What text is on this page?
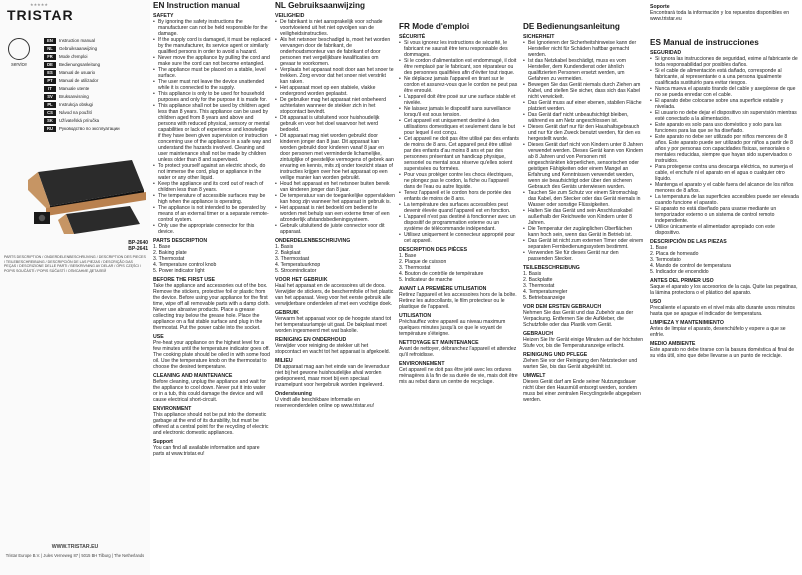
★★★★★
TRISTAR
service
EN	Instruction manual
NL	Gebruiksaanwijzing
FR	Mode d'emploi
DE	Bedienungsanleitung
ES	Manual de usuario
PT	Manual de utilizador
IT	Manuale utente
SV	Bruksanvisning
PL	Instrukcja obsługi
CS	Návod na použití
SK	Užívateľská príručka
RU	Руководство по эксплуатации
BP-2640
BP-2641
PARTS DESCRIPTION / ONDERDELENBESCHRIJVING / DESCRIPTION DES PIECES / TEILEBESCHREIBUNG / DESCRIPCIÓN DE LAS PIEZAS / DESCRIÇÃO DAS PEÇAS / DESCRIZIONE DELLE PARTI / BESKRIVNING AV DELAR / OPIS CZĘŚCI / POPIS SOUČÁSTÍ / POPIS SÚČASTÍ / ОПИСАНИЕ ДЕТАЛЕЙ
WWW.TRISTAR.EU
Tristar Europe B.V. | Jules Verneweg 87 | 5015 BH Tilburg | The Netherlands
EN Instruction manual
SAFETY
• By ignoring the safety instructions the manufacturer can not be held responsible for the damage.
• If the supply cord is damaged, it must be replaced by the manufacturer, its service agent or similarly qualified persons in order to avoid a hazard.
• Never move the appliance by pulling the cord and make sure the cord can not become entangled.
• The appliance must be placed on a stable, level surface.
• The user must not leave the device unattended while it is connected to the supply.
• This appliance is only to be used for household purposes and only for the purpose it is made for.
• This appliance shall not be used by children aged less than 8 years. This appliance can be used by children aged from 8 years and above and persons with reduced physical, sensory or mental capabilities or lack of experience and knowledge if they have been given supervision or instruction concerning use of the appliance in a safe way and understand the hazards involved. Cleaning and user maintenance shall not be made by children unless older than 8 and supervised.
• To protect yourself against an electric shock, do not immerse the cord, plug or appliance in the water or any other liquid.
• Keep the appliance and its cord out of reach of children less than 8 years.
• The temperature of accessible surfaces may be high when the appliance is operating.
• The appliance is not intended to be operated by means of an external timer or a separate remote-control system.
• Only use the appropriate connector for this device.
PARTS DESCRIPTION
1. Base
2. Baking plate
3. Thermostat
4. Temperature control knob
5. Power indicator light
BEFORE THE FIRST USE
Take the appliance and accessories out of the box. Remove the stickers, protective foil or plastic from the device. Before using your appliance for the first time, wipe off all removable parts with a damp cloth. Never use abrasive products. Place a grease collecting tray below the grease hole. Place the appliance on a flat stable surface and plug in the thermostat. Put the power cable into the socket.
USE
Pre-heat your appliance on the highest level for a few minutes until the temperature indicator goes off. The cooking plate should be oiled in with some food oil. Use the temperature knob on the thermostat to choose the desired temperature.
CLEANING AND MAINTENANCE
Before cleaning, unplug the appliance and wait for the appliance to cool down. Never put it into water or in a tub, this could damage the device and will cause electrical short-circuit.
ENVIRONMENT
This appliance should not be put into the domestic garbage at the end of its durability, but must be offered at a central point for the recycling of electric and electronic domestic appliances.
Support
You can find all available information and spare parts at www.tristar.eu!
NL Gebruiksaanwijzing
VEILIGHEID
• De fabrikant is niet aansprakelijk voor schade voortvloeiend uit het niet opvolgen van de veiligheidsinstructies.
• Als het netsnoer beschadigd is, moet het worden vervangen door de fabrikant, de onderhoudsmonteur van de fabrikant of door personen met vergelijkbare kwalificaties om gevaar te voorkomen.
• Verplaats het apparaat nooit door aan het snoer te trekken. Zorg ervoor dat het snoer niet verstrikt kan raken.
• Het apparaat moet op een stabiele, vlakke ondergrond worden geplaatst.
• De gebruiker mag het apparaat niet onbeheerd achterlaten wanneer de stekker zich in het stopcontact bevindt.
• Dit apparaat is uitsluitend voor huishoudelijk gebruik en voor het doel waarvoor het werd bedoeld.
• Dit apparaat mag niet worden gebruikt door kinderen jonger dan 8 jaar. Dit apparaat kan worden gebruikt door kinderen vanaf 8 jaar en door personen met verminderde lichamelijke, zintuiglijke of geestelijke vermogens of gebrek aan ervaring en kennis, mits zij onder toezicht staan of instructies krijgen over hoe het apparaat op een veilige manier kan worden gebruikt.
• Houd het apparaat en het netsnoer buiten bereik van kinderen jonger dan 8 jaar.
• De temperatuur van de toegankelijke oppervlakken kan hoog zijn wanneer het apparaat in gebruik is.
• Het apparaat is niet bedoeld om bediend te worden met behulp van een externe timer of een afzonderlijk afstandsbedieningsysteem.
• Gebruik uitsluitend de juiste connector voor dit apparaat.
ONDERDELENBESCHRIJVING
1. Basis
2. Bakplaat
3. Thermostaat
4. Temperatuurknop
5. Stroomindicator
VOOR HET GEBRUIK
Haal het apparaat en de accessoires uit de doos. Verwijder de stickers, de beschermfolie of het plastic van het apparaat. Veeg voor het eerste gebruik alle verwijderbare onderdelen af met een vochtige doek.
GEBRUIK
Verwarm het apparaat voor op de hoogste stand tot het temperatuurlampje uit gaat. De bakplaat moet worden ingesmeerd met wat bakolie.
REINIGING EN ONDERHOUD
Verwijder voor reiniging de stekker uit het stopcontact en wacht tot het apparaat is afgekoeld.
MILIEU
Dit apparaat mag aan het einde van de levensduur niet bij het gewone huishoudelijke afval worden gedeponeerd, maar moet bij een speciaal inzamelpunt voor hergebruik worden ingeleverd.
Ondersteuning
U vindt alle beschikbare informatie en reserveonderdelen online op www.tristar.eu!
FR Mode d'emploi
SÉCURITÉ
• Si vous ignorez les instructions de sécurité, le fabricant ne saurait être tenu responsable des dommages.
• Si le cordon d'alimentation est endommagé, il doit être remplacé par le fabricant, son réparateur ou des personnes qualifiées afin d'éviter tout risque.
• Ne déplacez jamais l'appareil en tirant sur le cordon et assurez-vous que le cordon ne peut pas être enroulé.
• L'appareil doit être posé sur une surface stable et nivelée.
• Ne laissez jamais le dispositif sans surveillance lorsqu'il est sous tension.
• Cet appareil est uniquement destiné à des utilisations domestiques et seulement dans le but pour lequel il est conçu.
• Cet appareil ne doit pas être utilisé par des enfants de moins de 8 ans. Cet appareil peut être utilisé par des enfants d'au moins 8 ans et par des personnes présentant un handicap physique, sensoriel ou mental sous réserve qu'elles soient supervisées ou formées.
• Pour vous protéger contre les chocs électriques, ne plongez pas le cordon, la fiche ou l'appareil dans de l'eau ou autre liquide.
• Tenez l'appareil et le cordon hors de portée des enfants de moins de 8 ans.
• La température des surfaces accessibles peut devenir élevée quand l'appareil est en fonction.
• L'appareil n'est pas destiné à fonctionner avec un dispositif de programmation externe ou un système de télécommande indépendant.
• Utilisez uniquement le connecteur approprié pour cet appareil.
DESCRIPTION DES PIÈCES
1. Base
2. Plaque de cuisson
3. Thermostat
4. Bouton de contrôle de température
5. Indicateur de marche
AVANT LA PREMIÈRE UTILISATION
Retirez l'appareil et les accessoires hors de la boîte. Retirez les autocollants, le film protecteur ou le plastique de l'appareil.
UTILISATION
Préchauffez votre appareil au niveau maximum quelques minutes jusqu'à ce que le voyant de température s'éteigne.
NETTOYAGE ET MAINTENANCE
Avant de nettoyer, débranchez l'appareil et attendez qu'il refroidisse.
ENVIRONNEMENT
Cet appareil ne doit pas être jeté avec les ordures ménagères à la fin de sa durée de vie, mais doit être mis au rebut dans un centre de recyclage.
DE Bedienungsanleitung
SICHERHEIT
• Bei Ignorieren der Sicherheitshinweise kann der Hersteller nicht für Schäden haftbar gemacht werden.
• Ist das Netzkabel beschädigt, muss es vom Hersteller, dem Kundendienst oder ähnlich qualifizierten Personen ersetzt werden, um Gefahren zu vermeiden.
• Bewegen Sie das Gerät niemals durch Ziehen am Kabel, und stellen Sie sicher, dass sich das Kabel nicht verwickelt.
• Das Gerät muss auf einer ebenen, stabilen Fläche platziert werden.
• Das Gerät darf nicht unbeaufsichtigt bleiben, während es am Netz angeschlossen ist.
• Dieses Gerät darf nur für den Haushaltsgebrauch und nur für den Zweck benutzt werden, für den es hergestellt wurde.
• Dieses Gerät darf nicht von Kindern unter 8 Jahren verwendet werden. Dieses Gerät kann von Kindern ab 8 Jahren und von Personen mit eingeschränkten körperlichen, sensorischen oder geistigen Fähigkeiten oder einem Mangel an Erfahrung und Kenntnissen verwendet werden, wenn sie beaufsichtigt oder über den sicheren Gebrauch des Geräts unterwiesen wurden.
• Tauchen Sie zum Schutz vor einem Stromschlag das Kabel, den Stecker oder das Gerät niemals in Wasser oder sonstige Flüssigkeiten.
• Halten Sie das Gerät und sein Anschlusskabel außerhalb der Reichweite von Kindern unter 8 Jahren.
• Die Temperatur der zugänglichen Oberflächen kann hoch sein, wenn das Gerät in Betrieb ist.
• Das Gerät ist nicht zum externen Timer oder einem separaten Fernbedienungssystem bestimmt.
• Verwenden Sie für dieses Gerät nur den passenden Stecker.
TEILEBESCHREIBUNG
1. Basis
2. Backplatte
3. Thermostat
4. Temperaturregler
5. Betriebsanzeige
VOR DEM ERSTEN GEBRAUCH
Nehmen Sie das Gerät und das Zubehör aus der Verpackung. Entfernen Sie die Aufkleber, die Schutzfolie oder das Plastik vom Gerät.
GEBRAUCH
Heizen Sie Ihr Gerät einige Minuten auf der höchsten Stufe vor, bis die Temperaturanzeige erlischt.
REINIGUNG UND PFLEGE
Ziehen Sie vor der Reinigung den Netzstecker und warten Sie, bis das Gerät abgekühlt ist.
UMWELT
Dieses Gerät darf am Ende seiner Nutzungsdauer nicht über den Hausmüll entsorgt werden, sondern muss bei einer zentralen Recyclingstelle abgegeben werden.
Soporte
Encontrará toda la información y los repuestos disponibles en www.tristar.eu
ES Manual de instrucciones
SEGURIDAD
• Si ignora las instrucciones de seguridad, exime al fabricante de toda responsabilidad por posibles daños.
• Si el cable de alimentación está dañado, corresponde al fabricante, al representante o a una persona igualmente cualificada sustituirlo para evitar riesgos.
• Nunca mueva el aparato tirando del cable y asegúrese de que no se pueda enredar con el cable.
• El aparato debe colocarse sobre una superficie estable y nivelada.
• El usuario no debe dejar el dispositivo sin supervisión mientras esté conectado a la alimentación.
• Este aparato es solo para uso doméstico y solo para las funciones para las que se ha diseñado.
• Este aparato no debe ser utilizado por niños menores de 8 años. Este aparato puede ser utilizado por niños a partir de 8 años y por personas con capacidades físicas, sensoriales o mentales reducidas, siempre que hayan sido supervisados o instruidos.
• Para protegerse contra una descarga eléctrica, no sumerja el cable, el enchufe ni el aparato en el agua o cualquier otro líquido.
• Mantenga el aparato y el cable fuera del alcance de los niños menores de 8 años.
• La temperatura de las superficies accesibles puede ser elevada cuando funcione el aparato.
• El aparato no está diseñado para usarse mediante un temporizador externo o un sistema de control remoto independiente.
• Utilice únicamente el alimentador apropiado con este dispositivo.
DESCRIPCIÓN DE LAS PIEZAS
1. Base
2. Placa de horneado
3. Termostato
4. Mando de control de temperatura
5. Indicador de encendido
ANTES DEL PRIMER USO
Saque el aparato y los accesorios de la caja. Quite las pegatinas, la lámina protectora o el plástico del aparato.
USO
Precaliente el aparato en el nivel más alto durante unos minutos hasta que se apague el indicador de temperatura.
LIMPIEZA Y MANTENIMIENTO
Antes de limpiar el aparato, desenchúfelo y espere a que se enfríe.
MEDIO AMBIENTE
Este aparato no debe tirarse con la basura doméstica al final de su vida útil, sino que debe llevarse a un punto de reciclaje.
